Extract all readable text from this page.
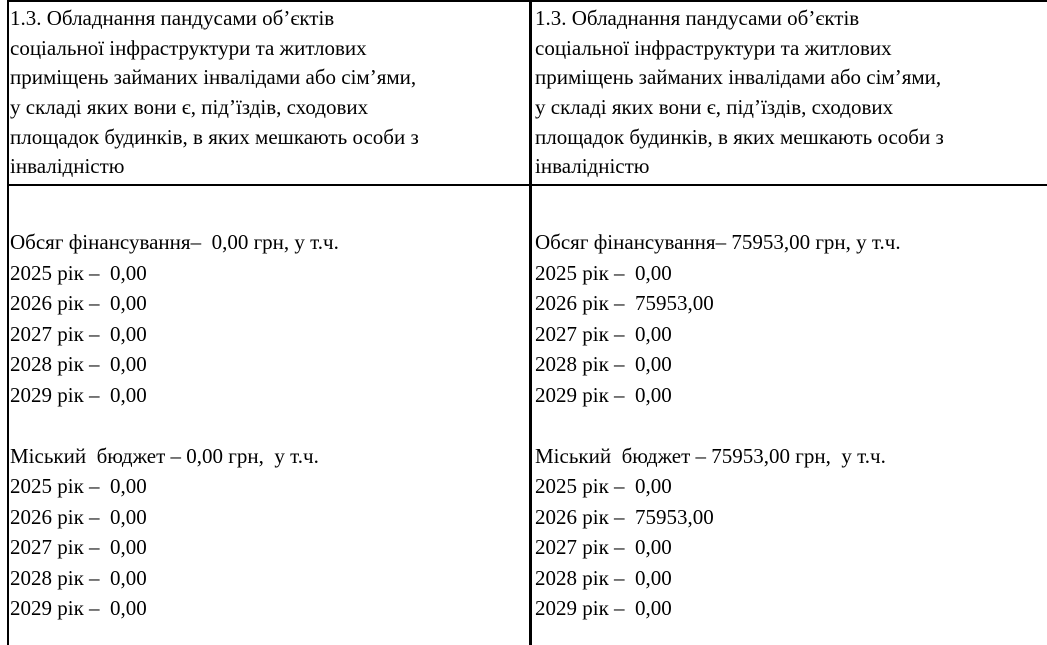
1.3. Обладнання пандусами об’єктів
соціальної інфраструктури та житлових
приміщень займаних інвалідами або сім’ями,
у складі яких вони є, під’їздів, сходових
площадок будинків, в яких мешкають особи з
інвалідністю
1.3. Обладнання пандусами об’єктів
соціальної інфраструктури та житлових
приміщень займаних інвалідами або сім’ями,
у складі яких вони є, під’їздів, сходових
площадок будинків, в яких мешкають особи з
інвалідністю
Обсяг фінансування–  0,00 грн, у т.ч.
2025 рік –  0,00
2026 рік –  0,00
2027 рік –  0,00
2028 рік –  0,00
2029 рік –  0,00
Міський  бюджет – 0,00 грн,  у т.ч.
2025 рік –  0,00
2026 рік –  0,00
2027 рік –  0,00
2028 рік –  0,00
2029 рік –  0,00
Обсяг фінансування– 75953,00 грн, у т.ч.
2025 рік –  0,00
2026 рік –  75953,00
2027 рік –  0,00
2028 рік –  0,00
2029 рік –  0,00
Міський  бюджет – 75953,00 грн,  у т.ч.
2025 рік –  0,00
2026 рік –  75953,00
2027 рік –  0,00
2028 рік –  0,00
2029 рік –  0,00
